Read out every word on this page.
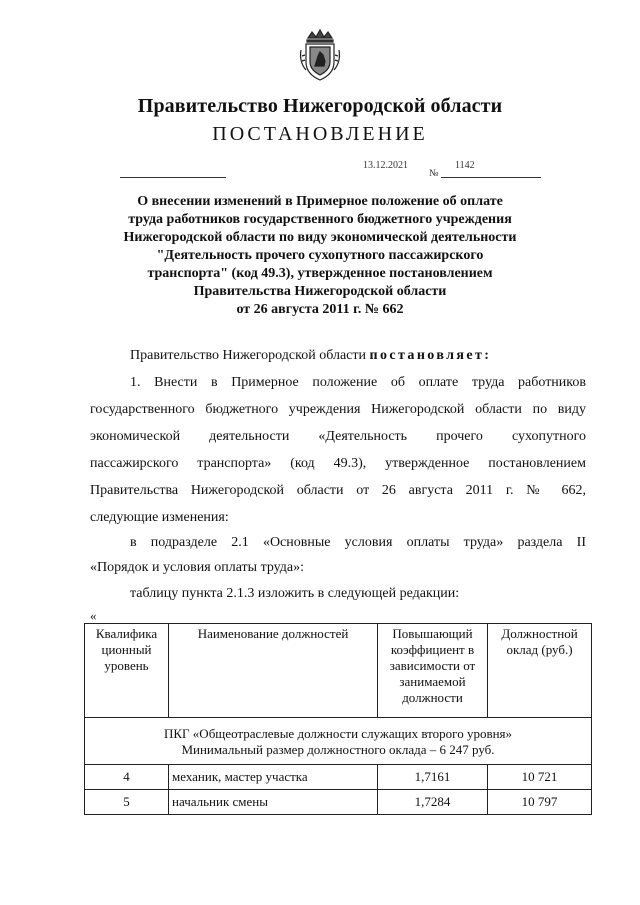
Правительство Нижегородской области
ПОСТАНОВЛЕНИЕ
13.12.2021
№
1142
О внесении изменений в Примерное положение об оплате
труда работников государственного бюджетного учреждения
Нижегородской области по виду экономической деятельности
"Деятельность прочего сухопутного пассажирского
транспорта" (код 49.3), утвержденное постановлением
Правительства Нижегородской области
от 26 августа 2011 г. № 662
Правительство Нижегородской области постановляет:
1. Внести в Примерное положение об оплате труда работников
государственного бюджетного учреждения Нижегородской области по виду
экономической деятельности «Деятельность прочего сухопутного
пассажирского транспорта» (код 49.3), утвержденное постановлением
Правительства Нижегородской области от 26 августа 2011 г. № 662,
следующие изменения:
в подразделе 2.1 «Основные условия оплаты труда» раздела II
«Порядок и условия оплаты труда»:
таблицу пункта 2.1.3 изложить в следующей редакции:
«
Квалифика ционный уровень	Наименование должностей	Повышающий коэффициент в зависимости от занимаемой должности	Должностной оклад (руб.)

ПКГ «Общеотраслевые должности служащих второго уровня»
Минимальный размер должностного оклада – 6 247 руб.			

4	механик, мастер участка	1,7161	10 721
5	начальник смены	1,7284	10 797
